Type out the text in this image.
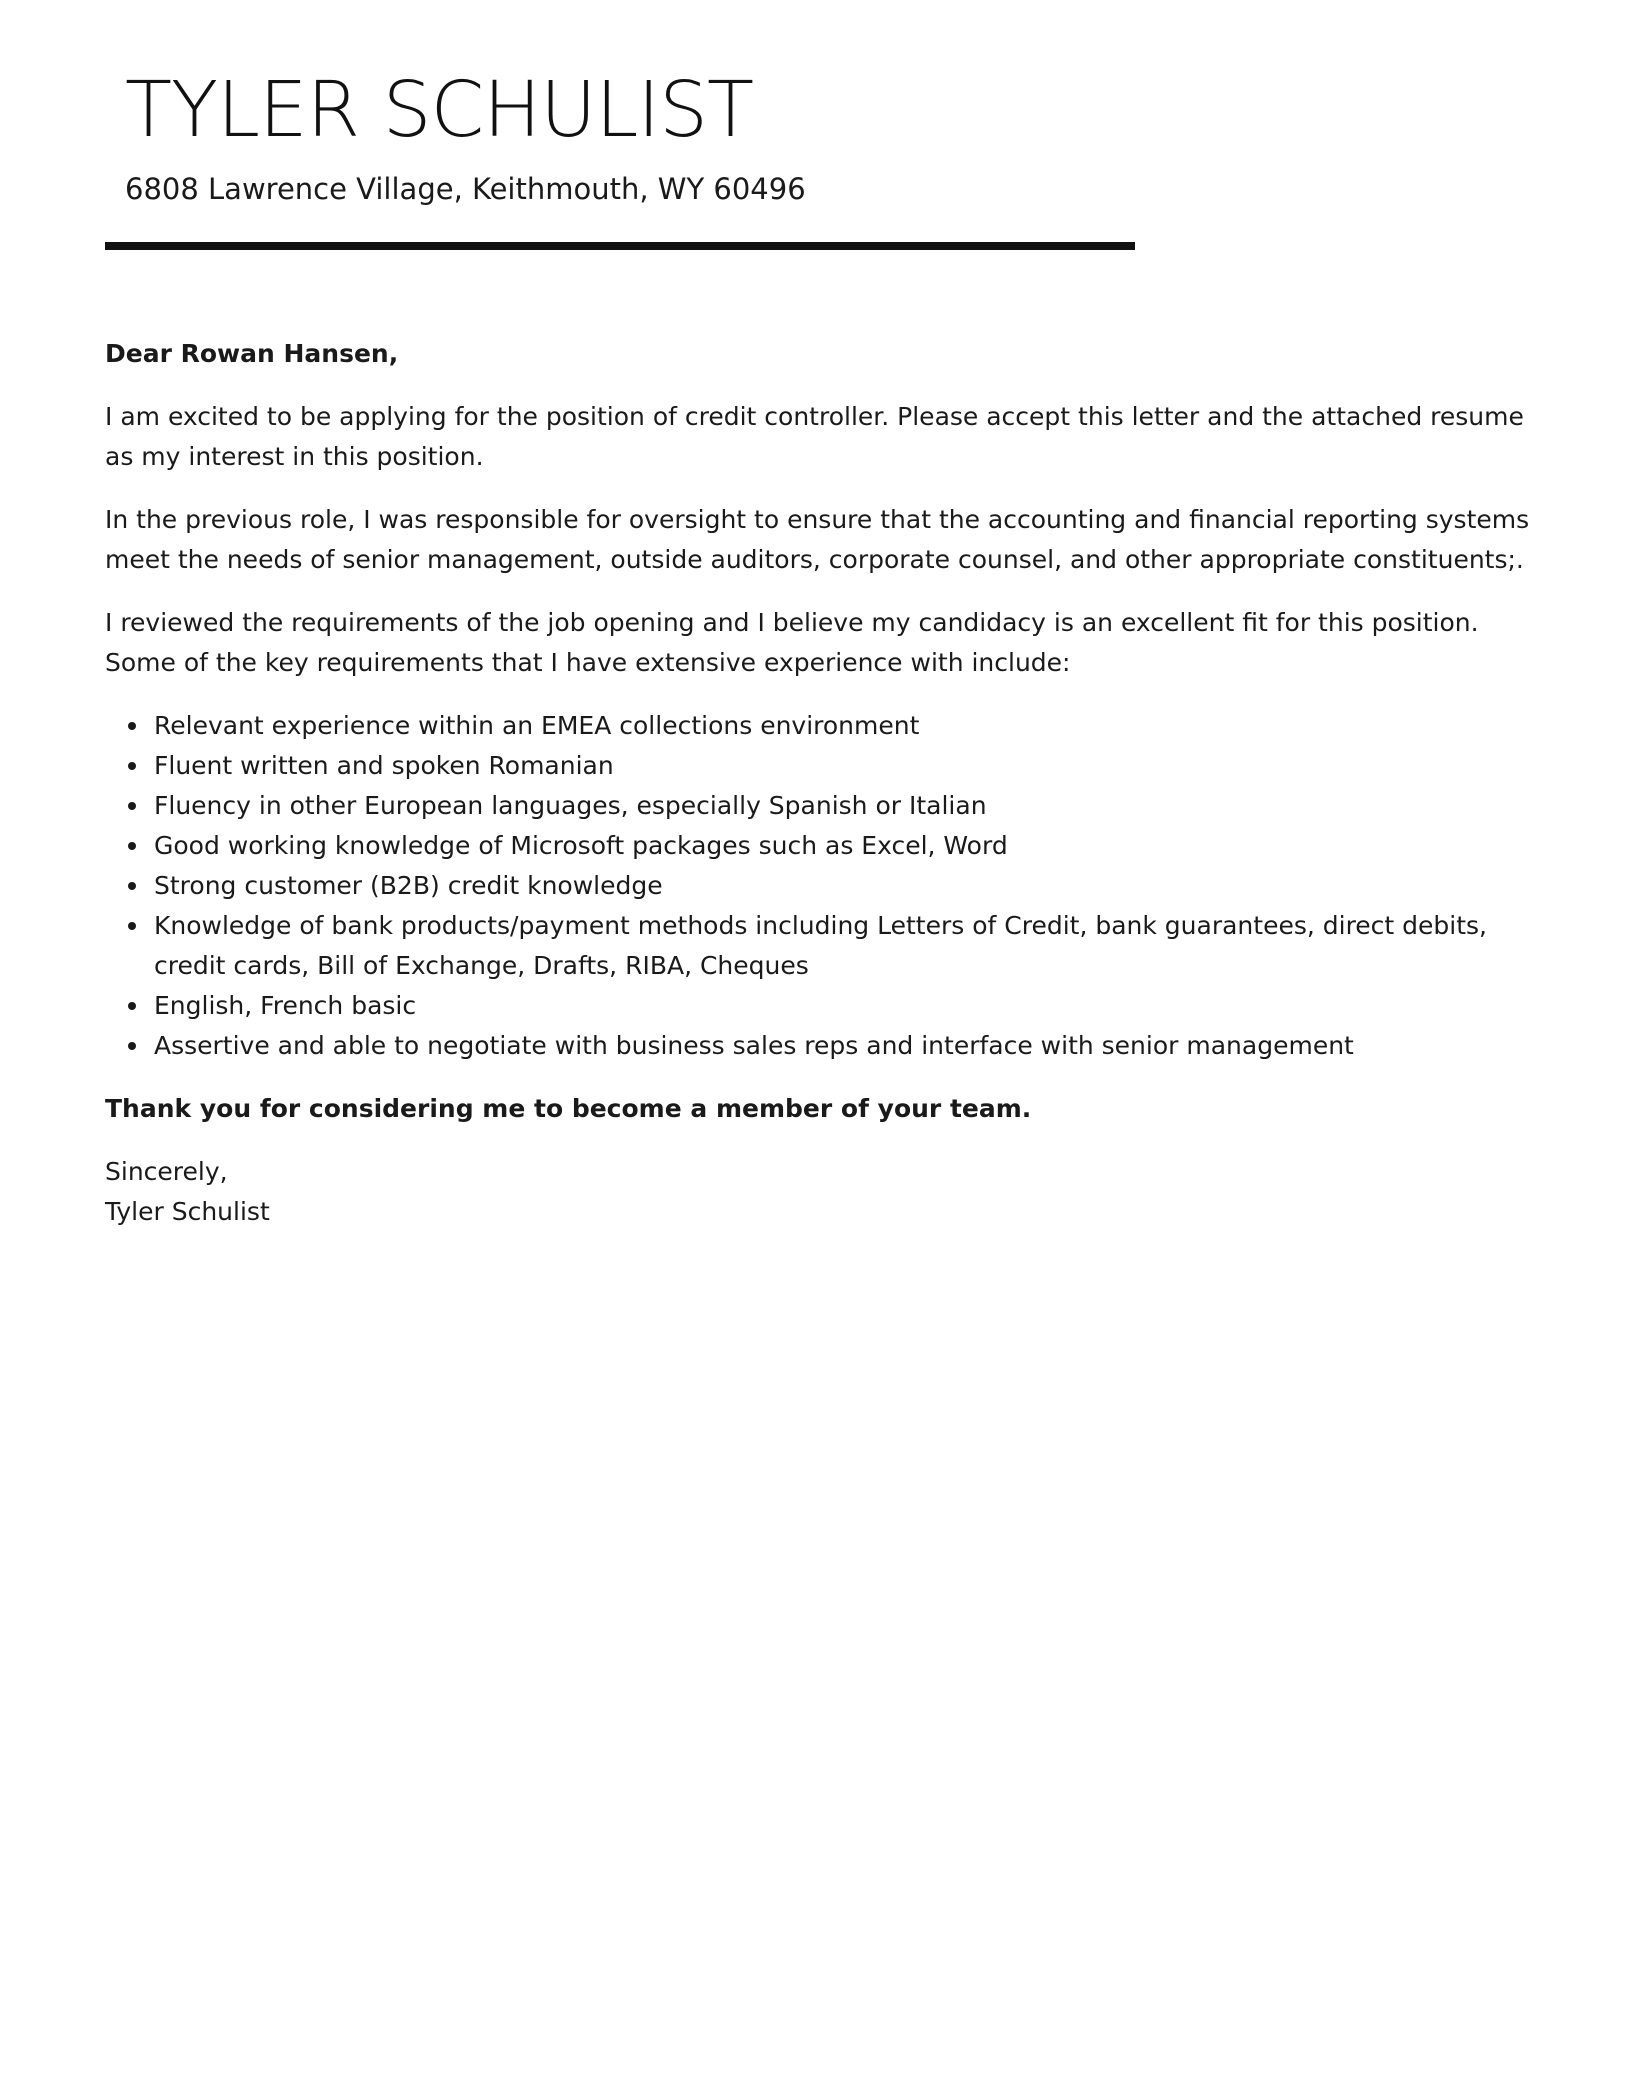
TYLER SCHULIST
6808 Lawrence Village, Keithmouth, WY 60496

Dear Rowan Hansen,

I am excited to be applying for the position of credit controller. Please accept this letter and the attached resume as my interest in this position.

In the previous role, I was responsible for oversight to ensure that the accounting and financial reporting systems meet the needs of senior management, outside auditors, corporate counsel, and other appropriate constituents;.

I reviewed the requirements of the job opening and I believe my candidacy is an excellent fit for this position. Some of the key requirements that I have extensive experience with include:

Relevant experience within an EMEA collections environment
Fluent written and spoken Romanian
Fluency in other European languages, especially Spanish or Italian
Good working knowledge of Microsoft packages such as Excel, Word
Strong customer (B2B) credit knowledge
Knowledge of bank products/payment methods including Letters of Credit, bank guarantees, direct debits, credit cards, Bill of Exchange, Drafts, RIBA, Cheques
English, French basic
Assertive and able to negotiate with business sales reps and interface with senior management

Thank you for considering me to become a member of your team.

Sincerely,
Tyler Schulist
